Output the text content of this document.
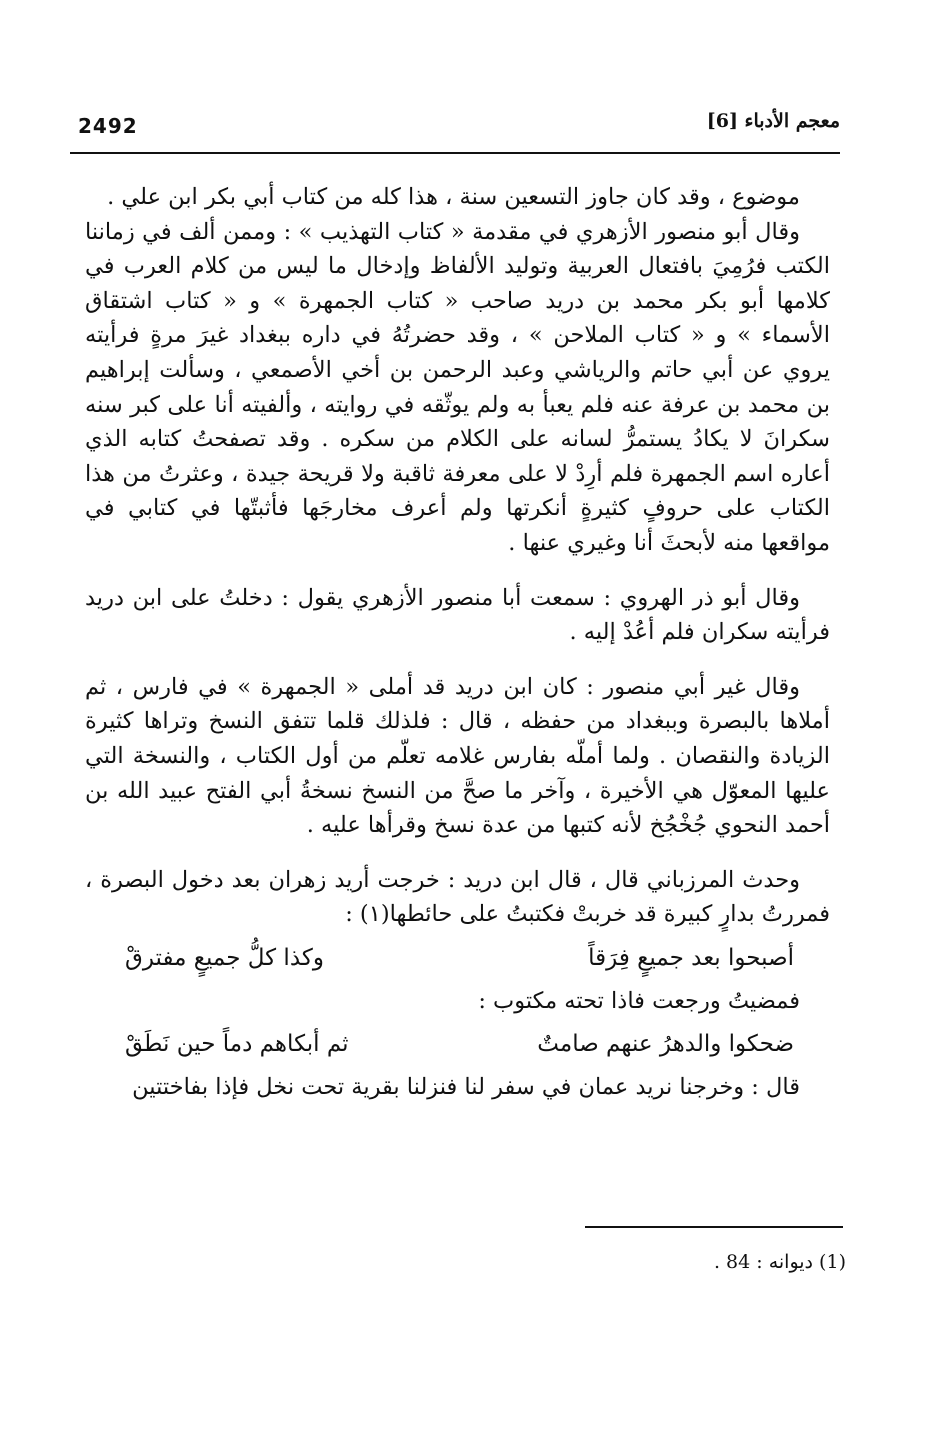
2492	معجم الأدباء [6]

موضوع ، وقد كان جاوز التسعين سنة ، هذا كله من كتاب أبي بكر ابن علي .

وقال أبو منصور الأزهري في مقدمة « كتاب التهذيب » : وممن ألف في زماننا الكتب فرُمِيَ بافتعال العربية وتوليد الألفاظ وإدخال ما ليس من كلام العرب في كلامها أبو بكر محمد بن دريد صاحب « كتاب الجمهرة » و « كتاب اشتقاق الأسماء » و « كتاب الملاحن » ، وقد حضرتُهُ في داره ببغداد غيرَ مرةٍ فرأيته يروي عن أبي حاتم والرياشي وعبد الرحمن بن أخي الأصمعي ، وسألت إبراهيم بن محمد بن عرفة عنه فلم يعبأ به ولم يوثّقه في روايته ، وألفيته أنا على كبر سنه سكرانَ لا يكادُ يستمرُّ لسانه على الكلام من سكره . وقد تصفحتُ كتابه الذي أعاره اسم الجمهرة فلم أرِدْ لا على معرفة ثاقبة ولا قريحة جيدة ، وعثرتُ من هذا الكتاب على حروفٍ كثيرةٍ أنكرتها ولم أعرف مخارجَها فأثبتّها في كتابي في مواقعها منه لأبحثَ أنا وغيري عنها .

وقال أبو ذر الهروي : سمعت أبا منصور الأزهري يقول : دخلتُ على ابن دريد فرأيته سكران فلم أعُدْ إليه .

وقال غير أبي منصور : كان ابن دريد قد أملى « الجمهرة » في فارس ، ثم أملاها بالبصرة وببغداد من حفظه ، قال : فلذلك قلما تتفق النسخ وتراها كثيرة الزيادة والنقصان . ولما أملّه بفارس غلامه تعلّم من أول الكتاب ، والنسخة التي عليها المعوّل هي الأخيرة ، وآخر ما صحَّ من النسخ نسخةُ أبي الفتح عبيد الله بن أحمد النحوي جُخْجُخ لأنه كتبها من عدة نسخ وقرأها عليه .

وحدث المرزباني قال ، قال ابن دريد : خرجت أريد زهران بعد دخول البصرة ، فمررتُ بدارٍ كبيرة قد خربتْ فكتبتُ على حائطها(١) :

أصبحوا بعد جميعٍ فِرَقاً
وكذا كلُّ جميعٍ مفترقْ

فمضيتُ ورجعت فاذا تحته مكتوب :

ضحكوا والدهرُ عنهم صامتٌ
ثم أبكاهم دماً حين نَطَقْ

قال : وخرجنا نريد عمان في سفر لنا فنزلنا بقرية تحت نخل فإذا بفاختتين

(1) ديوانه : 84 .
